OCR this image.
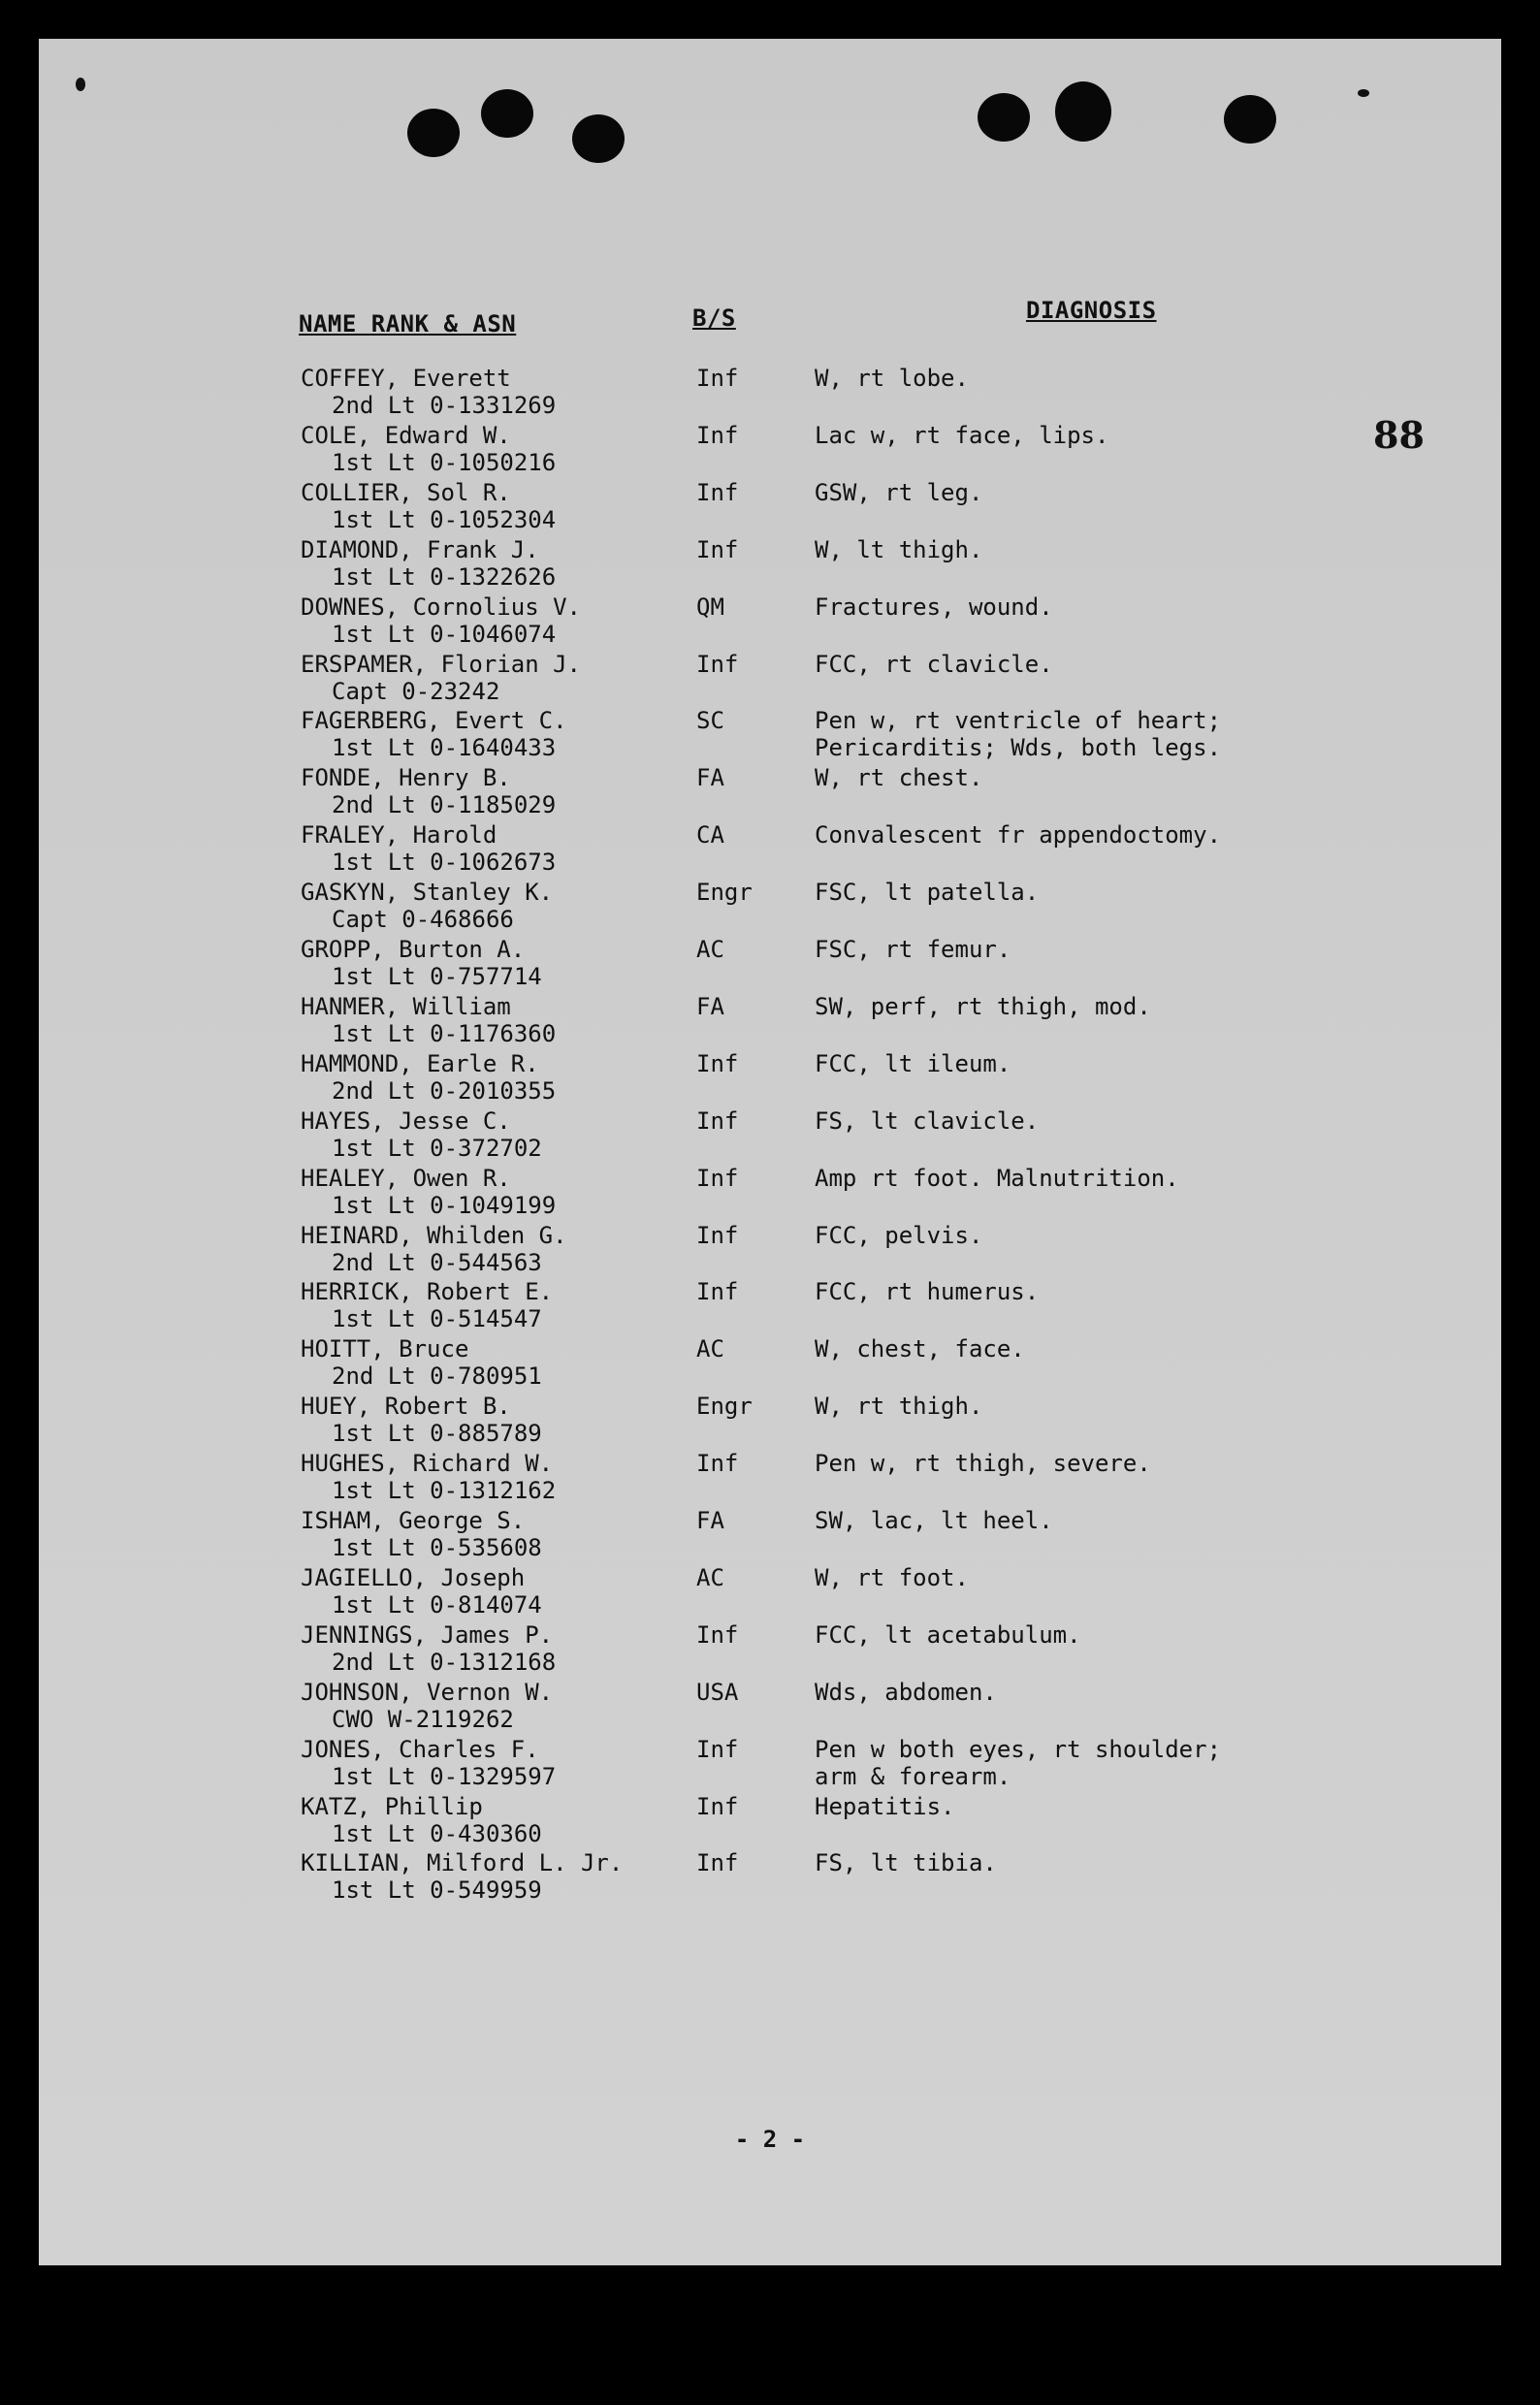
NAME RANK & ASN	B/S	DIAGNOSIS
88
COFFEY, Everett
2nd Lt 0-1331269
Inf	W, rt lobe.
COLE, Edward W.
1st Lt 0-1050216
Inf	Lac w, rt face, lips.
COLLIER, Sol R.
1st Lt 0-1052304
Inf	GSW, rt leg.
DIAMOND, Frank J.
1st Lt 0-1322626
Inf	W, lt thigh.
DOWNES, Cornolius V.
1st Lt 0-1046074
QM	Fractures, wound.
ERSPAMER, Florian J.
Capt 0-23242
Inf	FCC, rt clavicle.
FAGERBERG, Evert C.
1st Lt 0-1640433
SC	Pen w, rt ventricle of heart;
Pericarditis; Wds, both legs.
FONDE, Henry B.
2nd Lt 0-1185029
FA	W, rt chest.
FRALEY, Harold
1st Lt 0-1062673
CA	Convalescent fr appendoctomy.
GASKYN, Stanley K.
Capt 0-468666
Engr	FSC, lt patella.
GROPP, Burton A.
1st Lt 0-757714
AC	FSC, rt femur.
HANMER, William
1st Lt 0-1176360
FA	SW, perf, rt thigh, mod.
HAMMOND, Earle R.
2nd Lt 0-2010355
Inf	FCC, lt ileum.
HAYES, Jesse C.
1st Lt 0-372702
Inf	FS, lt clavicle.
HEALEY, Owen R.
1st Lt 0-1049199
Inf	Amp rt foot. Malnutrition.
HEINARD, Whilden G.
2nd Lt 0-544563
Inf	FCC, pelvis.
HERRICK, Robert E.
1st Lt 0-514547
Inf	FCC, rt humerus.
HOITT, Bruce
2nd Lt 0-780951
AC	W, chest, face.
HUEY, Robert B.
1st Lt 0-885789
Engr	W, rt thigh.
HUGHES, Richard W.
1st Lt 0-1312162
Inf	Pen w, rt thigh, severe.
ISHAM, George S.
1st Lt 0-535608
FA	SW, lac, lt heel.
JAGIELLO, Joseph
1st Lt 0-814074
AC	W, rt foot.
JENNINGS, James P.
2nd Lt 0-1312168
Inf	FCC, lt acetabulum.
JOHNSON, Vernon W.
CWO W-2119262
USA	Wds, abdomen.
JONES, Charles F.
1st Lt 0-1329597
Inf	Pen w both eyes, rt shoulder;
arm & forearm.
KATZ, Phillip
1st Lt 0-430360
Inf	Hepatitis.
KILLIAN, Milford L. Jr.
1st Lt 0-549959
Inf	FS, lt tibia.
- 2 -
